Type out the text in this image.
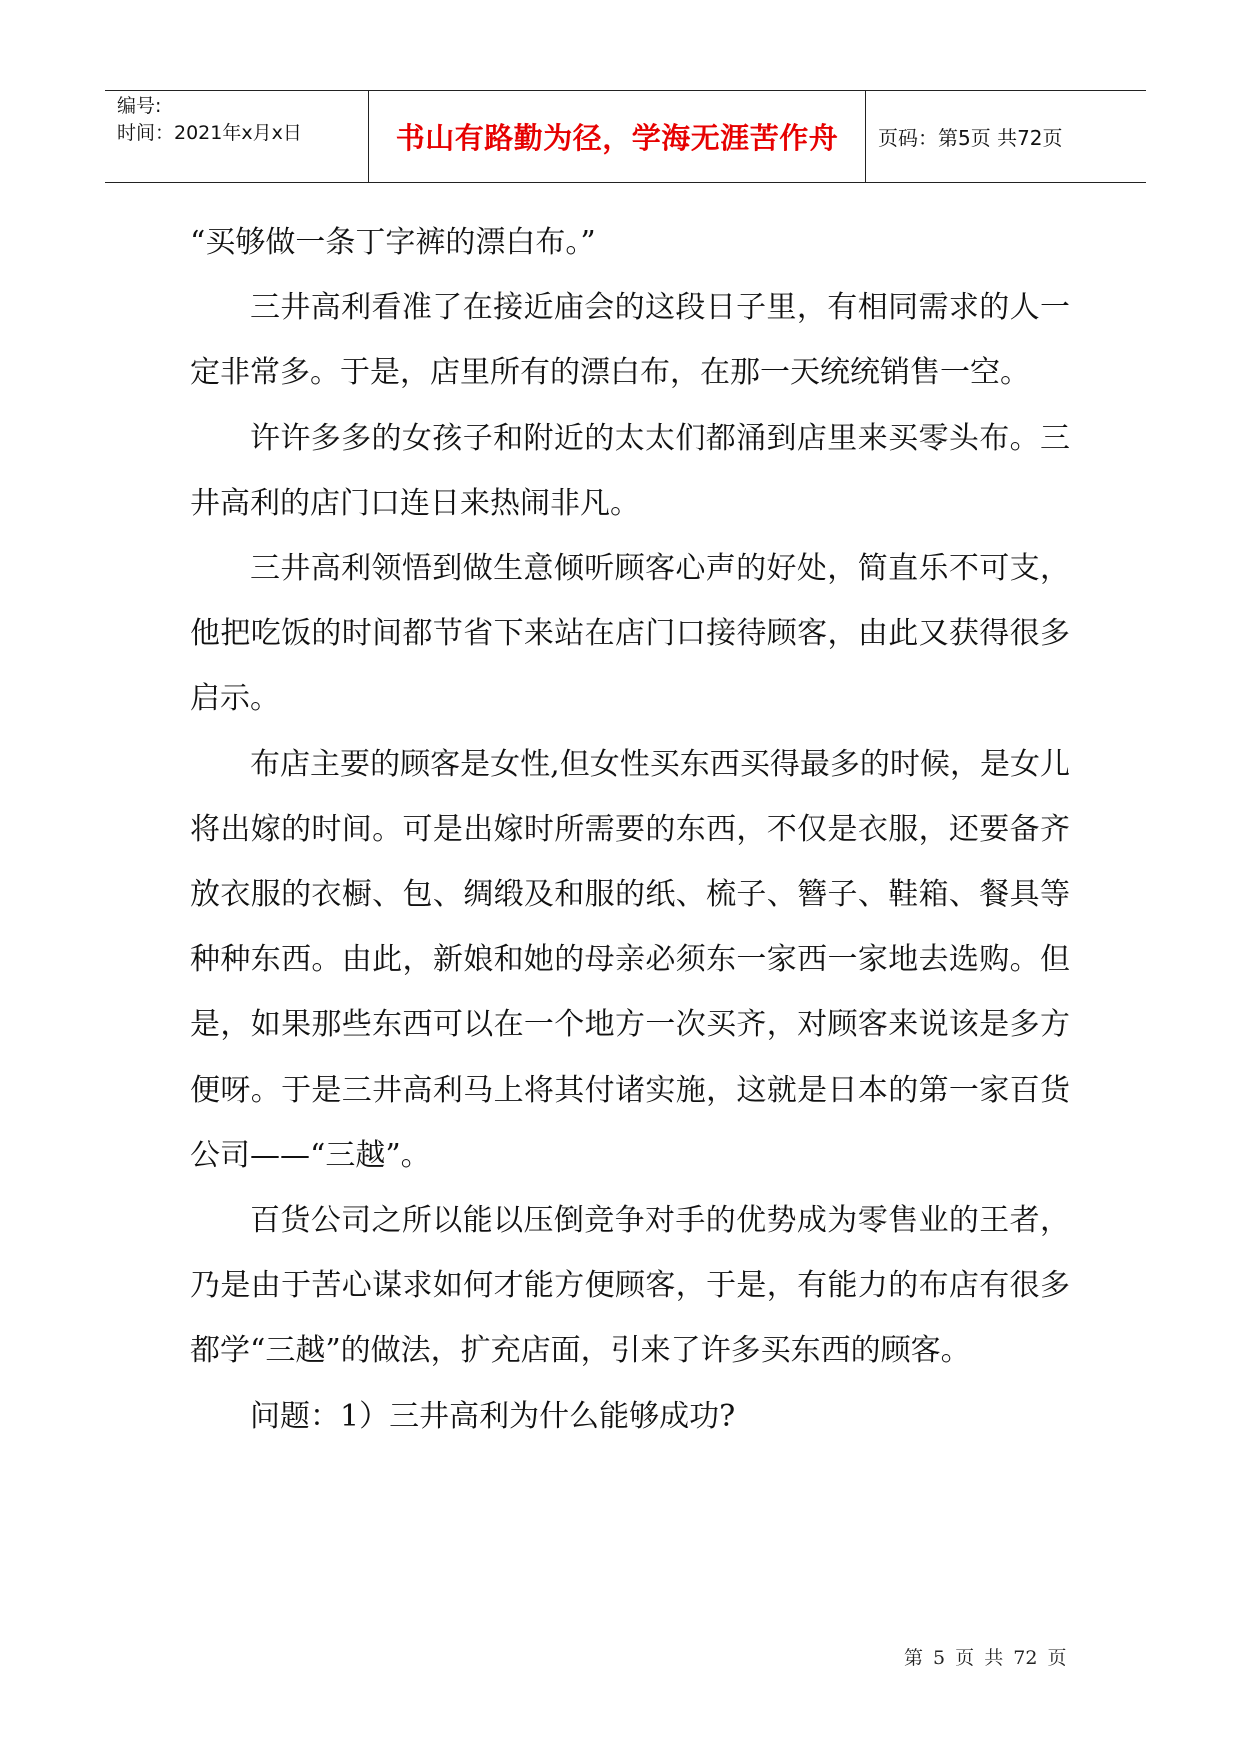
编号:
时间：2021年x月x日	书山有路勤为径，学海无涯苦作舟 页码：第5页 共72页

“买够做一条丁字裤的漂白布。”

三井高利看准了在接近庙会的这段日子里，有相同需求的人一定非常多。于是，店里所有的漂白布，在那一天统统销售一空。

许许多多的女孩子和附近的太太们都涌到店里来买零头布。三井高利的店门口连日来热闹非凡。

三井高利领悟到做生意倾听顾客心声的好处，简直乐不可支，他把吃饭的时间都节省下来站在店门口接待顾客，由此又获得很多启示。

布店主要的顾客是女性,但女性买东西买得最多的时候，是女儿将出嫁的时间。可是出嫁时所需要的东西，不仅是衣服，还要备齐放衣服的衣橱、包、绸缎及和服的纸、梳子、簪子、鞋箱、餐具等种种东西。由此，新娘和她的母亲必须东一家西一家地去选购。但是，如果那些东西可以在一个地方一次买齐，对顾客来说该是多方便呀。于是三井高利马上将其付诸实施，这就是日本的第一家百货公司——“三越”。

百货公司之所以能以压倒竞争对手的优势成为零售业的王者，乃是由于苦心谋求如何才能方便顾客，于是，有能力的布店有很多都学“三越”的做法，扩充店面，引来了许多买东西的顾客。

问题：1）三井高利为什么能够成功?

第 5 页 共 72 页
